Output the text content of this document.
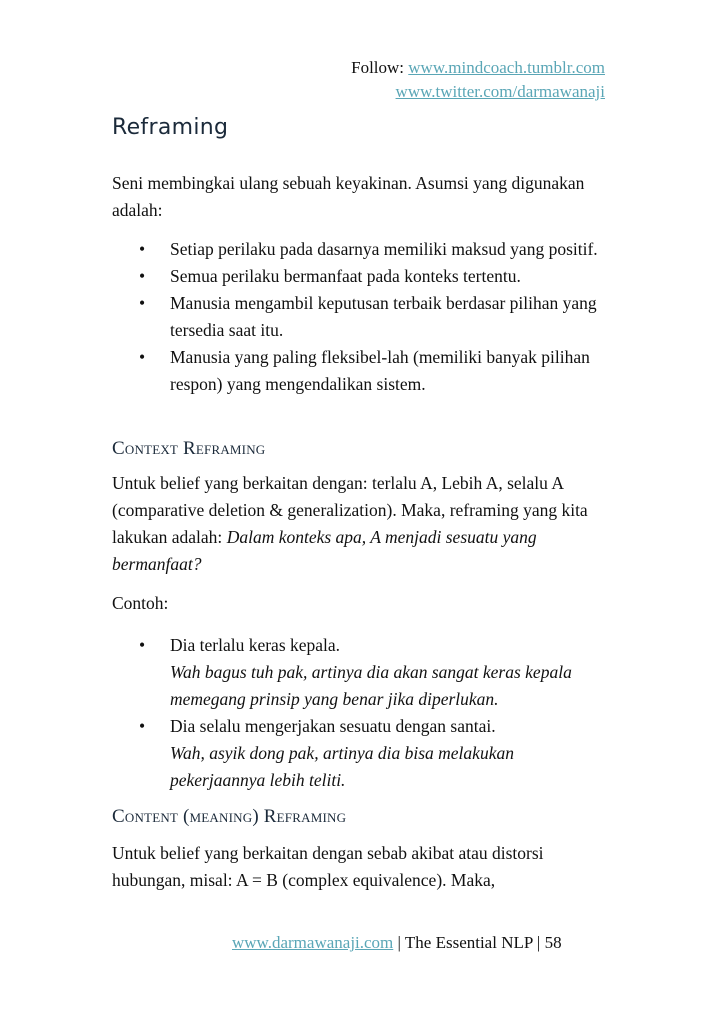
Follow: www.mindcoach.tumblr.com
www.twitter.com/darmawanaji
Reframing

Seni membingkai ulang sebuah keyakinan. Asumsi yang digunakan adalah:

• Setiap perilaku pada dasarnya memiliki maksud yang positif.
• Semua perilaku bermanfaat pada konteks tertentu.
• Manusia mengambil keputusan terbaik berdasar pilihan yang tersedia saat itu.
• Manusia yang paling fleksibel-lah (memiliki banyak pilihan respon) yang mengendalikan sistem.
Context Reframing

Untuk belief yang berkaitan dengan: terlalu A, Lebih A, selalu A (comparative deletion & generalization). Maka, reframing yang kita lakukan adalah: Dalam konteks apa, A menjadi sesuatu yang bermanfaat?

Contoh:

• Dia terlalu keras kepala.
Wah bagus tuh pak, artinya dia akan sangat keras kepala memegang prinsip yang benar jika diperlukan.
• Dia selalu mengerjakan sesuatu dengan santai.
Wah, asyik dong pak, artinya dia bisa melakukan pekerjaannya lebih teliti.
Content (meaning) Reframing

Untuk belief yang berkaitan dengan sebab akibat atau distorsi hubungan, misal: A = B (complex equivalence). Maka,

www.darmawanaji.com | The Essential NLP | 58
